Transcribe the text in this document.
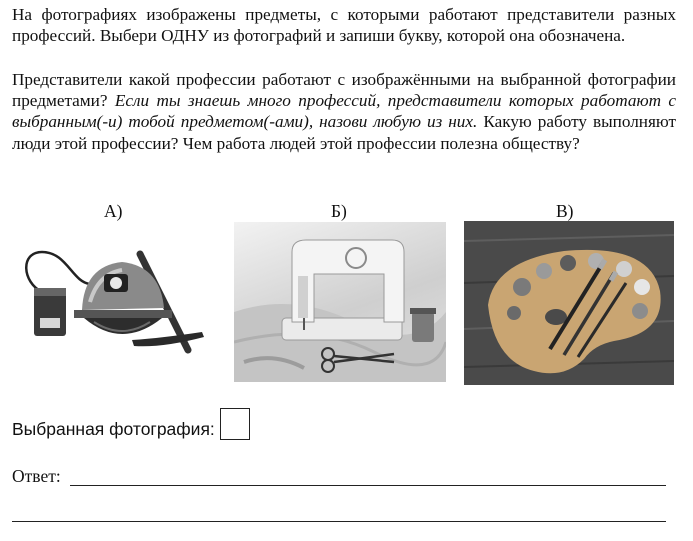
На фотографиях изображены предметы, с которыми работают представители разных профессий. Выбери ОДНУ из фотографий и запиши букву, которой она обозначена.
Представители какой профессии работают с изображёнными на выбранной фотографии предметами? Если ты знаешь много профессий, представители которых работают с выбранным(-и) тобой предметом(-ами), назови любую из них. Какую работу выполняют люди этой профессии? Чем работа людей этой профессии полезна обществу?
А)	Б)	В)
Выбранная фотография:
Ответ:
